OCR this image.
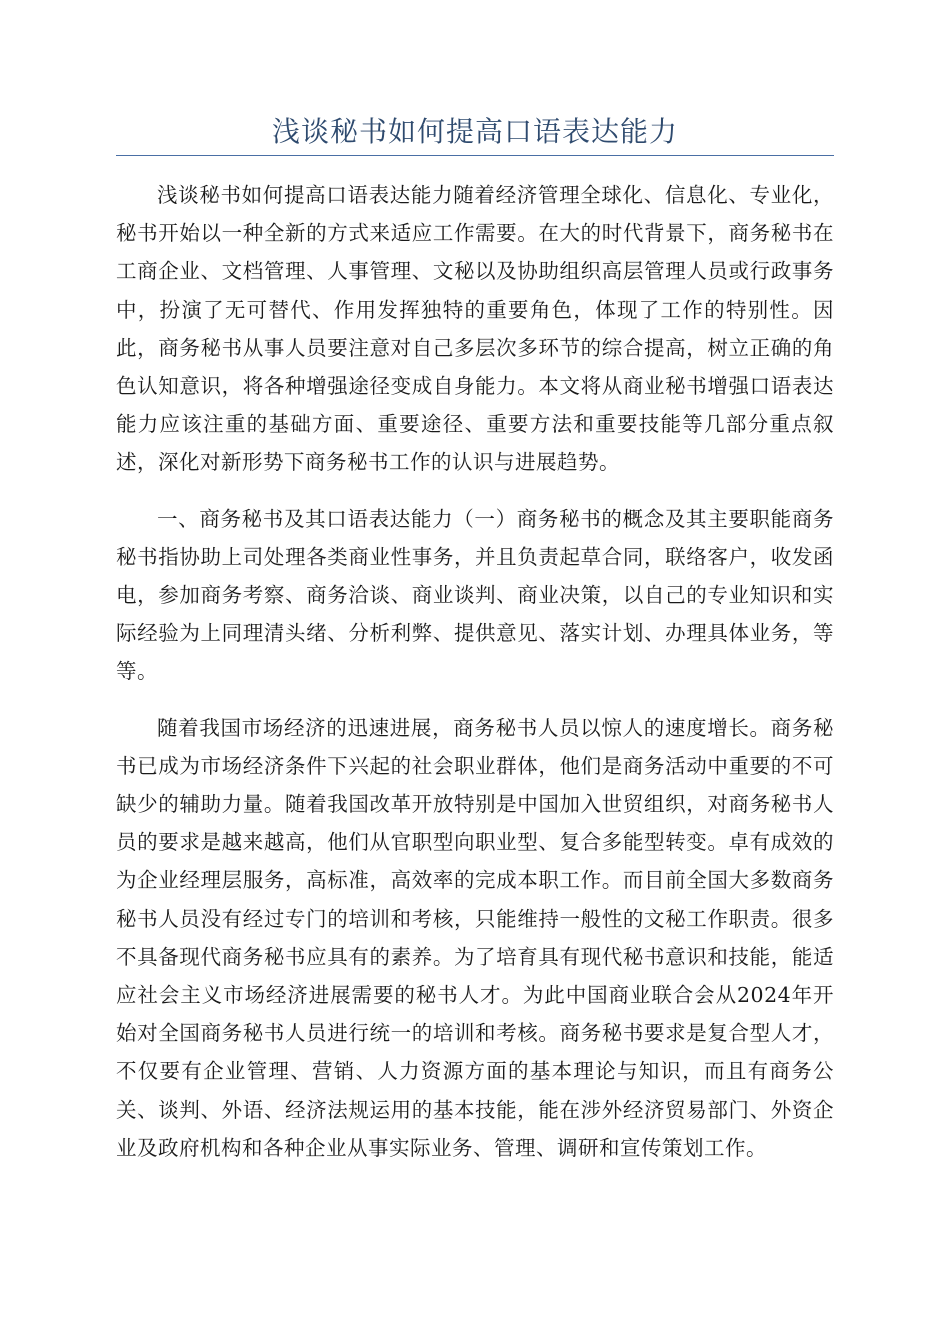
浅谈秘书如何提高口语表达能力

浅谈秘书如何提高口语表达能力随着经济管理全球化、信息化、专业化，秘书开始以一种全新的方式来适应工作需要。在大的时代背景下，商务秘书在工商企业、文档管理、人事管理、文秘以及协助组织高层管理人员或行政事务中，扮演了无可替代、作用发挥独特的重要角色，体现了工作的特别性。因此，商务秘书从事人员要注意对自己多层次多环节的综合提高，树立正确的角色认知意识，将各种增强途径变成自身能力。本文将从商业秘书增强口语表达能力应该注重的基础方面、重要途径、重要方法和重要技能等几部分重点叙述，深化对新形势下商务秘书工作的认识与进展趋势。

一、商务秘书及其口语表达能力（一）商务秘书的概念及其主要职能商务秘书指协助上司处理各类商业性事务，并且负责起草合同，联络客户，收发函电，参加商务考察、商务洽谈、商业谈判、商业决策，以自己的专业知识和实际经验为上同理清头绪、分析利弊、提供意见、落实计划、办理具体业务，等等。

随着我国市场经济的迅速进展，商务秘书人员以惊人的速度增长。商务秘书已成为市场经济条件下兴起的社会职业群体，他们是商务活动中重要的不可缺少的辅助力量。随着我国改革开放特别是中国加入世贸组织，对商务秘书人员的要求是越来越高，他们从官职型向职业型、复合多能型转变。卓有成效的为企业经理层服务，高标准，高效率的完成本职工作。而目前全国大多数商务秘书人员没有经过专门的培训和考核，只能维持一般性的文秘工作职责。很多不具备现代商务秘书应具有的素养。为了培育具有现代秘书意识和技能，能适应社会主义市场经济进展需要的秘书人才。为此中国商业联合会从2024年开始对全国商务秘书人员进行统一的培训和考核。商务秘书要求是复合型人才，不仅要有企业管理、营销、人力资源方面的基本理论与知识，而且有商务公关、谈判、外语、经济法规运用的基本技能，能在涉外经济贸易部门、外资企业及政府机构和各种企业从事实际业务、管理、调研和宣传策划工作。
